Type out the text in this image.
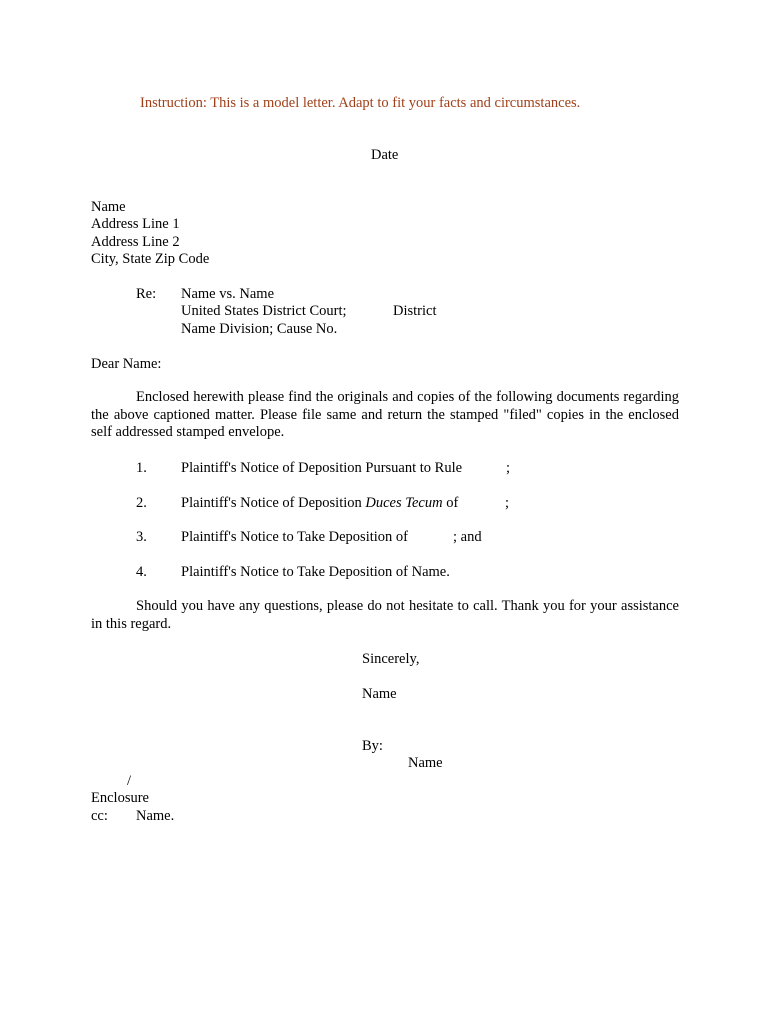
Instruction: This is a model letter. Adapt to fit your facts and circumstances.
Date
Name
Address Line 1
Address Line 2
City, State Zip Code
Re: Name vs. Name
United States District Court;	District
Name Division; Cause No.
Dear Name:
Enclosed herewith please find the originals and copies of the following documents regarding the above captioned matter. Please file same and return the stamped "filed" copies in the enclosed self addressed stamped envelope.
1. Plaintiff's Notice of Deposition Pursuant to Rule	;
2. Plaintiff's Notice of Deposition Duces Tecum of	;
3. Plaintiff's Notice to Take Deposition of	; and
4. Plaintiff's Notice to Take Deposition of Name.
Should you have any questions, please do not hesitate to call. Thank you for your assistance in this regard.
Sincerely,
Name
By:
Name
/
Enclosure
cc: Name.
